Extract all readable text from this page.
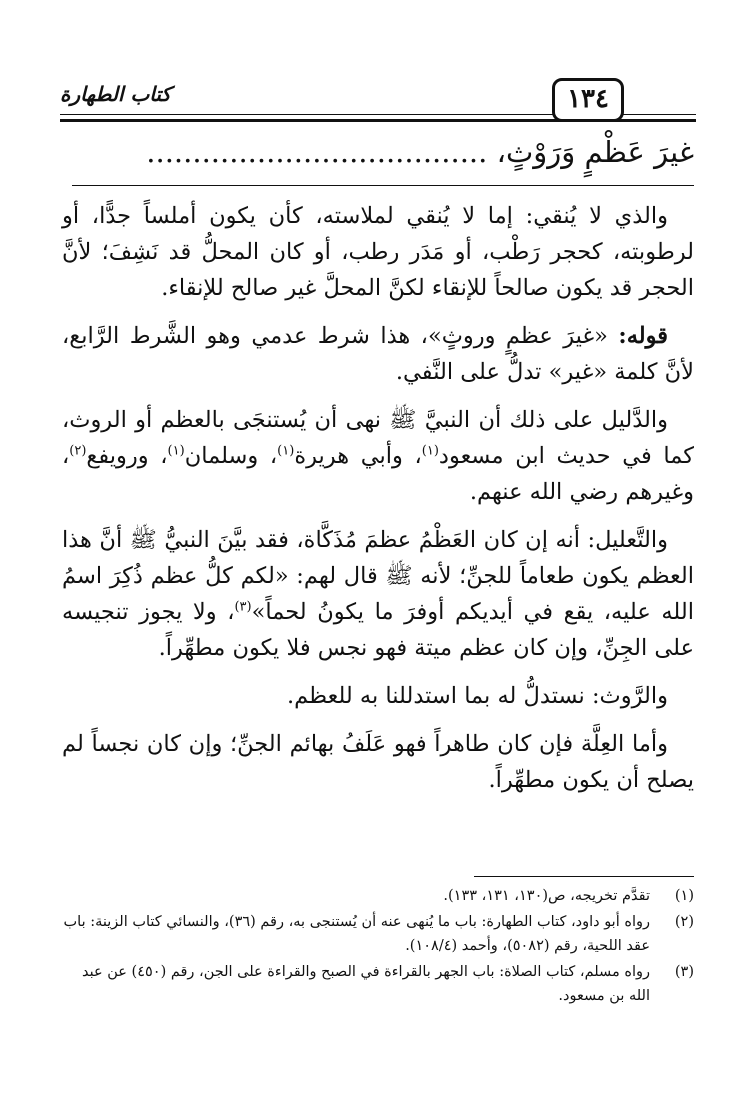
١٣٤
كتاب الطهارة
غيرَ عَظْمٍ وَرَوْثٍ، .....................................

والذي لا يُنقي: إما لا يُنقي لملاسته، كأن يكون أملساً جدًّا، أو لرطوبته، كحجر رَطْب، أو مَدَر رطب، أو كان المحلُّ قد نَشِفَ؛ لأنَّ الحجر قد يكون صالحاً للإنقاء لكنَّ المحلَّ غير صالح للإنقاء.

قوله: «غيرَ عظمٍ وروثٍ»، هذا شرط عدمي وهو الشَّرط الرَّابع، لأنَّ كلمة «غير» تدلُّ على النَّفي.

والدَّليل على ذلك أن النبيَّ ﷺ نهى أن يُستنجَى بالعظم أو الروث، كما في حديث ابن مسعود$^{(١)}$، وأبي هريرة$^{(١)}$، وسلمان$^{(١)}$، ورويفع$^{(٢)}$، وغيرهم رضي الله عنهم.

والتَّعليل: أنه إن كان العَظْمُ عظمَ مُذَكَّاة، فقد بيَّنَ النبيُّ ﷺ أنَّ هذا العظم يكون طعاماً للجنِّ؛ لأنه ﷺ قال لهم: «لكم كلُّ عظم ذُكِرَ اسمُ الله عليه، يقع في أيديكم أوفرَ ما يكونُ لحماً»$^{(٣)}$، ولا يجوز تنجيسه على الجِنِّ، وإن كان عظم ميتة فهو نجس فلا يكون مطهِّراً.

والرَّوث: نستدلُّ له بما استدللنا به للعظم.

وأما العِلَّة فإن كان طاهراً فهو عَلَفُ بهائم الجنِّ؛ وإن كان نجساً لم يصلح أن يكون مطهِّراً.

(١)
تقدَّم تخريجه، ص(١٣٠، ١٣١، ١٣٣).
(٢)
رواه أبو داود، كتاب الطهارة: باب ما يُنهى عنه أن يُستنجى به، رقم (٣٦)، والنسائي كتاب الزينة: باب عقد اللحية، رقم (٥٠٨٢)، وأحمد (١٠٨/٤).
(٣)
رواه مسلم، كتاب الصلاة: باب الجهر بالقراءة في الصبح والقراءة على الجن، رقم (٤٥٠) عن عبد الله بن مسعود.
